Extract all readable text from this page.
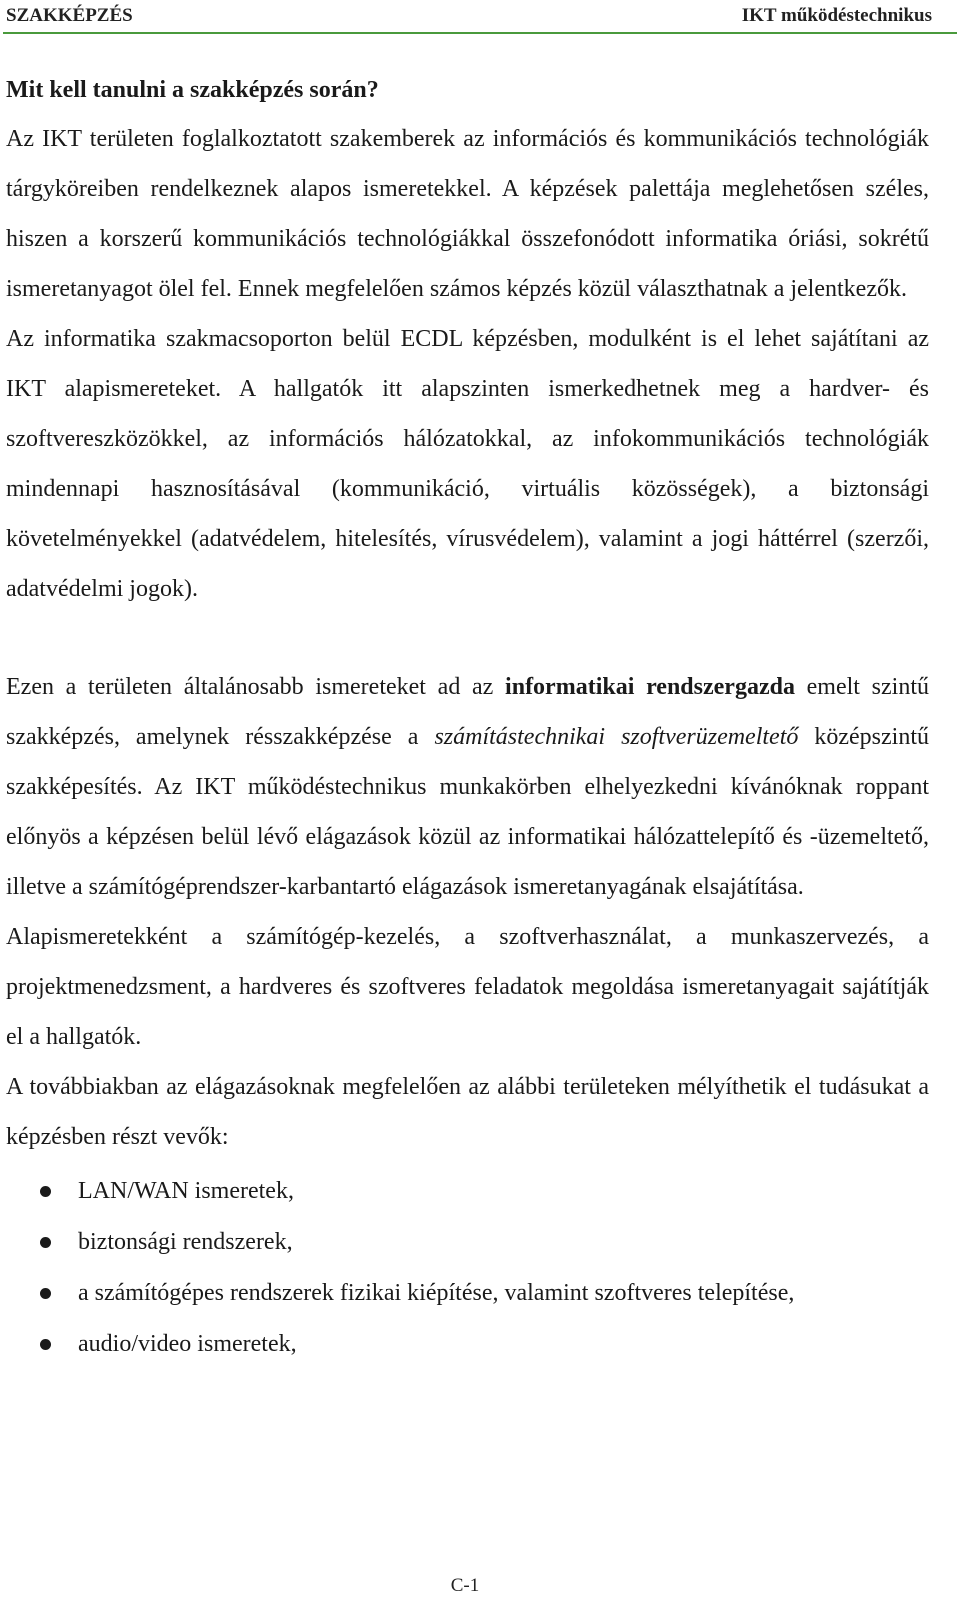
SZAKKÉPZÉS	IKT működéstechnikus
Mit kell tanulni a szakképzés során?

Az IKT területen foglalkoztatott szakemberek az információs és kommunikációs technológiák tárgyköreiben rendelkeznek alapos ismeretekkel. A képzések palettája meglehetősen széles, hiszen a korszerű kommunikációs technológiákkal összefonódott informatika óriási, sokrétű ismeretanyagot ölel fel. Ennek megfelelően számos képzés közül választhatnak a jelentkezők.

Az informatika szakmacsoporton belül ECDL képzésben, modulként is el lehet sajátítani az IKT alapismereteket. A hallgatók itt alapszinten ismerkedhetnek meg a hardver- és szoftvereszközökkel, az információs hálózatokkal, az infokommunikációs technológiák mindennapi hasznosításával (kommunikáció, virtuális közösségek), a biztonsági követelményekkel (adatvédelem, hitelesítés, vírusvédelem), valamint a jogi háttérrel (szerzői, adatvédelmi jogok).

Ezen a területen általánosabb ismereteket ad az informatikai rendszergazda emelt szintű szakképzés, amelynek résszakképzése a számítástechnikai szoftverüzemeltető középszintű szakképesítés. Az IKT működéstechnikus munkakörben elhelyezkedni kívánóknak roppant előnyös a képzésen belül lévő elágazások közül az informatikai hálózattelepítő és -üzemeltető, illetve a számítógéprendszer-karbantartó elágazások ismeretanyagának elsajátítása.

Alapismeretekként a számítógép-kezelés, a szoftverhasználat, a munkaszervezés, a projektmenedzsment, a hardveres és szoftveres feladatok megoldása ismeretanyagait sajátítják el a hallgatók.

A továbbiakban az elágazásoknak megfelelően az alábbi területeken mélyíthetik el tudásukat a képzésben részt vevők:

LAN/WAN ismeretek,
biztonsági rendszerek,
a számítógépes rendszerek fizikai kiépítése, valamint szoftveres telepítése,
audio/video ismeretek,
C-1
